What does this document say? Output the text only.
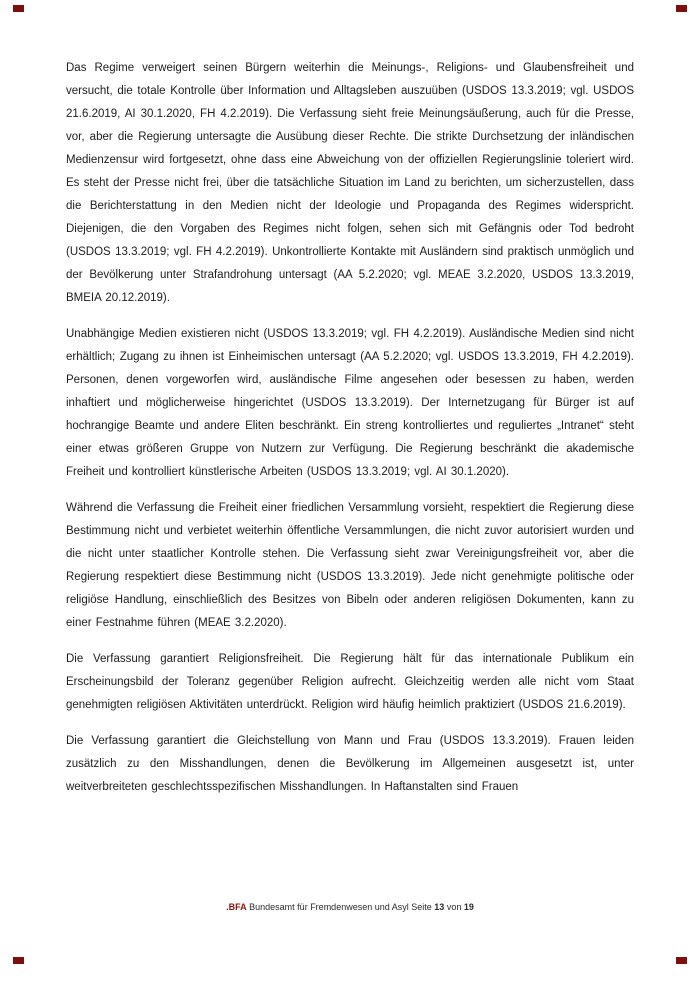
Das Regime verweigert seinen Bürgern weiterhin die Meinungs-, Religions- und Glaubensfreiheit und versucht, die totale Kontrolle über Information und Alltagsleben auszuüben (USDOS 13.3.2019; vgl. USDOS 21.6.2019, AI 30.1.2020, FH 4.2.2019). Die Verfassung sieht freie Meinungsäußerung, auch für die Presse, vor, aber die Regierung untersagte die Ausübung dieser Rechte. Die strikte Durchsetzung der inländischen Medienzensur wird fortgesetzt, ohne dass eine Abweichung von der offiziellen Regierungslinie toleriert wird. Es steht der Presse nicht frei, über die tatsächliche Situation im Land zu berichten, um sicherzustellen, dass die Berichterstattung in den Medien nicht der Ideologie und Propaganda des Regimes widerspricht. Diejenigen, die den Vorgaben des Regimes nicht folgen, sehen sich mit Gefängnis oder Tod bedroht (USDOS 13.3.2019; vgl. FH 4.2.2019). Unkontrollierte Kontakte mit Ausländern sind praktisch unmöglich und der Bevölkerung unter Strafandrohung untersagt (AA 5.2.2020; vgl. MEAE 3.2.2020, USDOS 13.3.2019, BMEIA 20.12.2019).

Unabhängige Medien existieren nicht (USDOS 13.3.2019; vgl. FH 4.2.2019). Ausländische Medien sind nicht erhältlich; Zugang zu ihnen ist Einheimischen untersagt (AA 5.2.2020; vgl. USDOS 13.3.2019, FH 4.2.2019). Personen, denen vorgeworfen wird, ausländische Filme angesehen oder besessen zu haben, werden inhaftiert und möglicherweise hingerichtet (USDOS 13.3.2019). Der Internetzugang für Bürger ist auf hochrangige Beamte und andere Eliten beschränkt. Ein streng kontrolliertes und reguliertes „Intranet“ steht einer etwas größeren Gruppe von Nutzern zur Verfügung. Die Regierung beschränkt die akademische Freiheit und kontrolliert künstlerische Arbeiten (USDOS 13.3.2019; vgl. AI 30.1.2020).

Während die Verfassung die Freiheit einer friedlichen Versammlung vorsieht, respektiert die Regierung diese Bestimmung nicht und verbietet weiterhin öffentliche Versammlungen, die nicht zuvor autorisiert wurden und die nicht unter staatlicher Kontrolle stehen. Die Verfassung sieht zwar Vereinigungsfreiheit vor, aber die Regierung respektiert diese Bestimmung nicht (USDOS 13.3.2019). Jede nicht genehmigte politische oder religiöse Handlung, einschließlich des Besitzes von Bibeln oder anderen religiösen Dokumenten, kann zu einer Festnahme führen (MEAE 3.2.2020).

Die Verfassung garantiert Religionsfreiheit. Die Regierung hält für das internationale Publikum ein Erscheinungsbild der Toleranz gegenüber Religion aufrecht. Gleichzeitig werden alle nicht vom Staat genehmigten religiösen Aktivitäten unterdrückt. Religion wird häufig heimlich praktiziert (USDOS 21.6.2019).

Die Verfassung garantiert die Gleichstellung von Mann und Frau (USDOS 13.3.2019). Frauen leiden zusätzlich zu den Misshandlungen, denen die Bevölkerung im Allgemeinen ausgesetzt ist, unter weitverbreiteten geschlechtsspezifischen Misshandlungen. In Haftanstalten sind Frauen

.BFA Bundesamt für Fremdenwesen und Asyl Seite 13 von 19
